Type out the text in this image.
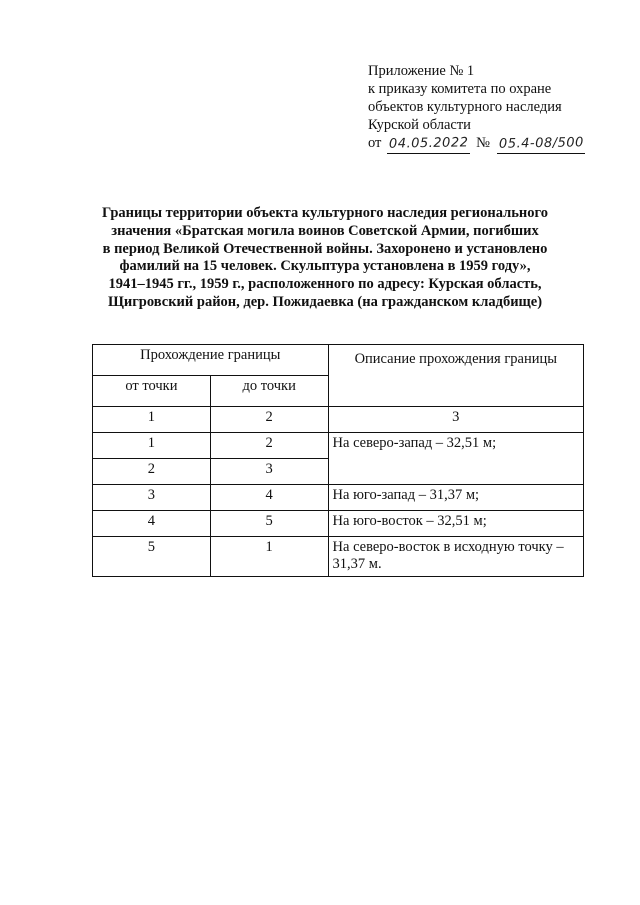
Приложение № 1
к приказу комитета по охране
объектов культурного наследия
Курской области
от 04.05.2022 № 05.4-08/500
Границы территории объекта культурного наследия регионального
значения «Братская могила воинов Советской Армии, погибших
в период Великой Отечественной войны. Захоронено и установлено
фамилий на 15 человек. Скульптура установлена в 1959 году»,
1941–1945 гг., 1959 г., расположенного по адресу: Курская область,
Щигровский район, дер. Пожидаевка (на гражданском кладбище)
Прохождение границы		Описание прохождения границы
от точки	до точки	
1	2	3
1	2	На северо-запад – 32,51 м;
2	3	
3	4	На юго-запад – 31,37 м;
4	5	На юго-восток – 32,51 м;
5	1	На северо-восток в исходную точку – 31,37 м.
